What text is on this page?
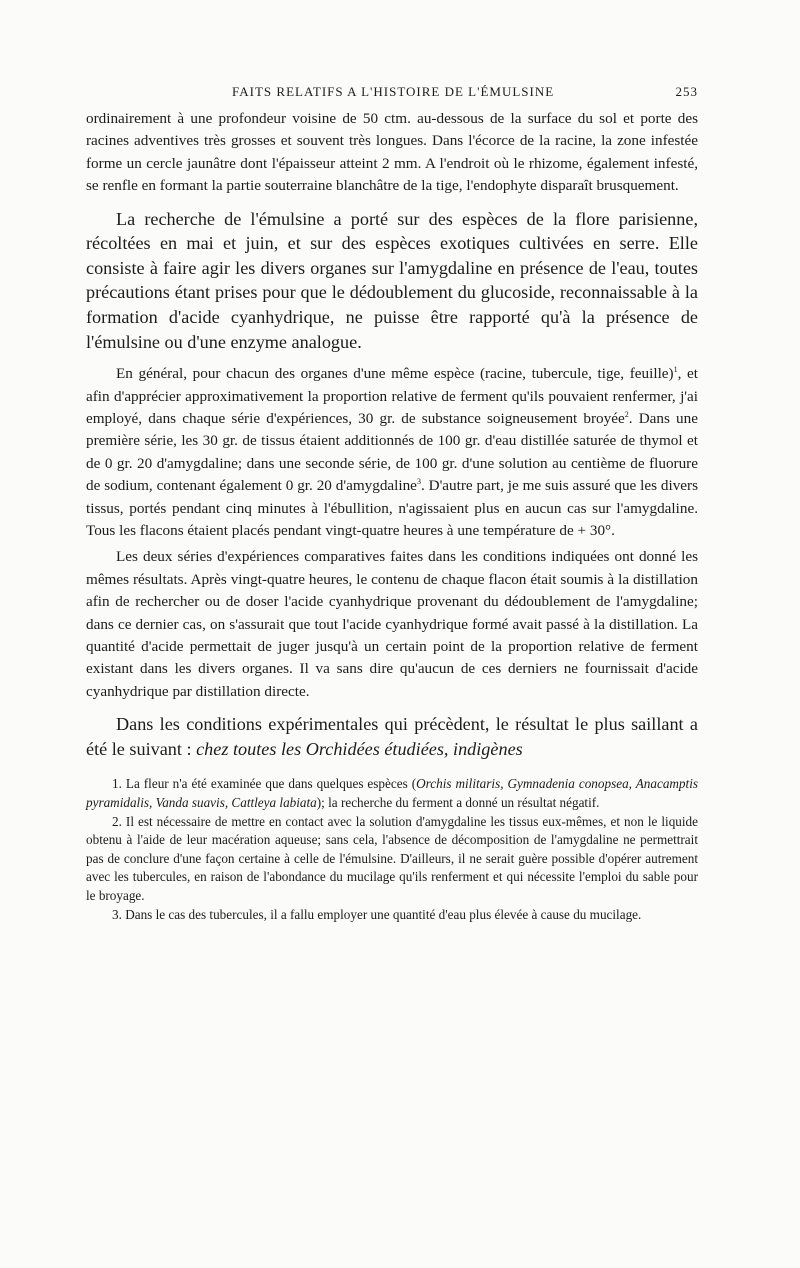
FAITS RELATIFS A L'HISTOIRE DE L'ÉMULSINE	253

ordinairement à une profondeur voisine de 50 ctm. au-dessous de la surface du sol et porte des racines adventives très grosses et souvent très longues. Dans l'écorce de la racine, la zone infestée forme un cercle jaunâtre dont l'épaisseur atteint 2 mm. A l'endroit où le rhizome, également infesté, se renfle en formant la partie souterraine blanchâtre de la tige, l'endophyte disparaît brusquement.

La recherche de l'émulsine a porté sur des espèces de la flore parisienne, récoltées en mai et juin, et sur des espèces exotiques cultivées en serre. Elle consiste à faire agir les divers organes sur l'amygdaline en présence de l'eau, toutes précautions étant prises pour que le dédoublement du glucoside, reconnaissable à la formation d'acide cyanhydrique, ne puisse être rapporté qu'à la présence de l'émulsine ou d'une enzyme analogue.

En général, pour chacun des organes d'une même espèce (racine, tubercule, tige, feuille)$^1$, et afin d'apprécier approximativement la proportion relative de ferment qu'ils pouvaient renfermer, j'ai employé, dans chaque série d'expériences, 30 gr. de substance soigneusement broyée$^2$. Dans une première série, les 30 gr. de tissus étaient additionnés de 100 gr. d'eau distillée saturée de thymol et de 0 gr. 20 d'amygdaline; dans une seconde série, de 100 gr. d'une solution au centième de fluorure de sodium, contenant également 0 gr. 20 d'amygdaline$^3$. D'autre part, je me suis assuré que les divers tissus, portés pendant cinq minutes à l'ébullition, n'agissaient plus en aucun cas sur l'amygdaline. Tous les flacons étaient placés pendant vingt-quatre heures à une température de + 30°.

Les deux séries d'expériences comparatives faites dans les conditions indiquées ont donné les mêmes résultats. Après vingt-quatre heures, le contenu de chaque flacon était soumis à la distillation afin de rechercher ou de doser l'acide cyanhydrique provenant du dédoublement de l'amygdaline; dans ce dernier cas, on s'assurait que tout l'acide cyanhydrique formé avait passé à la distillation. La quantité d'acide permettait de juger jusqu'à un certain point de la proportion relative de ferment existant dans les divers organes. Il va sans dire qu'aucun de ces derniers ne fournissait d'acide cyanhydrique par distillation directe.

Dans les conditions expérimentales qui précèdent, le résultat le plus saillant a été le suivant : chez toutes les Orchidées étudiées, indigènes

1. La fleur n'a été examinée que dans quelques espèces (Orchis militaris, Gymnadenia conopsea, Anacamptis pyramidalis, Vanda suavis, Cattleya labiata); la recherche du ferment a donné un résultat négatif.

2. Il est nécessaire de mettre en contact avec la solution d'amygdaline les tissus eux-mêmes, et non le liquide obtenu à l'aide de leur macération aqueuse; sans cela, l'absence de décomposition de l'amygdaline ne permettrait pas de conclure d'une façon certaine à celle de l'émulsine. D'ailleurs, il ne serait guère possible d'opérer autrement avec les tubercules, en raison de l'abondance du mucilage qu'ils renferment et qui nécessite l'emploi du sable pour le broyage.

3. Dans le cas des tubercules, il a fallu employer une quantité d'eau plus élevée à cause du mucilage.
